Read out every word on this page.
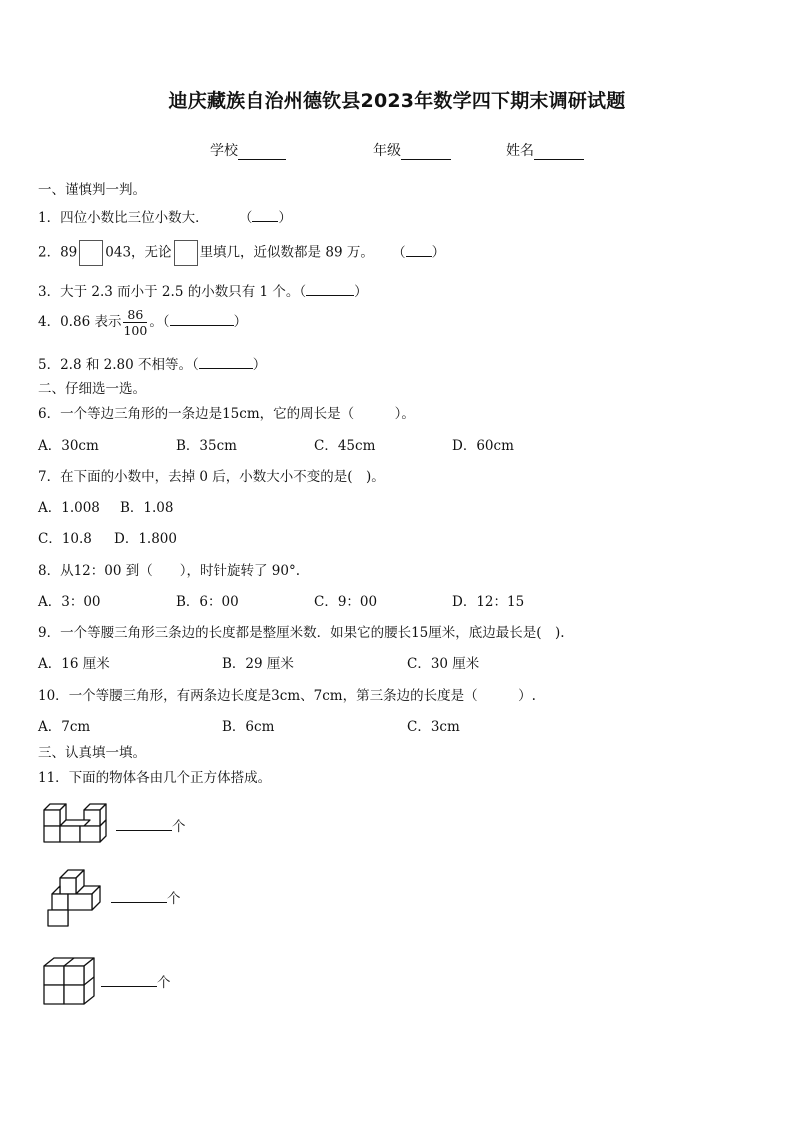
迪庆藏族自治州德钦县2023年数学四下期末调研试题
学校	年级	姓名
一、谨慎判一判。
1．四位小数比三位小数大． （ ）
2．89 043，无论 里填几，近似数都是 89 万。 （ ）
3．大于 2.3 而小于 2.5 的小数只有 1 个。（	）
4．0.86 表示 $\frac{86}{100}$ 。（	）
5．2.8 和 2.80 不相等。（	）
二、仔细选一选。
6．一个等边三角形的一条边是15cm，它的周长是（　　　）。
A．30cm	B．35cm	C．45cm	D．60cm
7．在下面的小数中，去掉 0 后，小数大小不变的是(　)。
A．1.008 B．1.08
C．10.8 D．1.800
8．从12：00 到（　　），时针旋转了 90°.
A．3：00	B．6：00	C．9：00	D．12：15
9．一个等腰三角形三条边的长度都是整厘米数．如果它的腰长15厘米，底边最长是(　).
A．16 厘米	B．29 厘米	C．30 厘米
10．一个等腰三角形，有两条边长度是3cm、7cm，第三条边的长度是（　　　）.
A．7cm	B．6cm	C．3cm
三、认真填一填。
11．下面的物体各由几个正方体搭成。
个
个
个
